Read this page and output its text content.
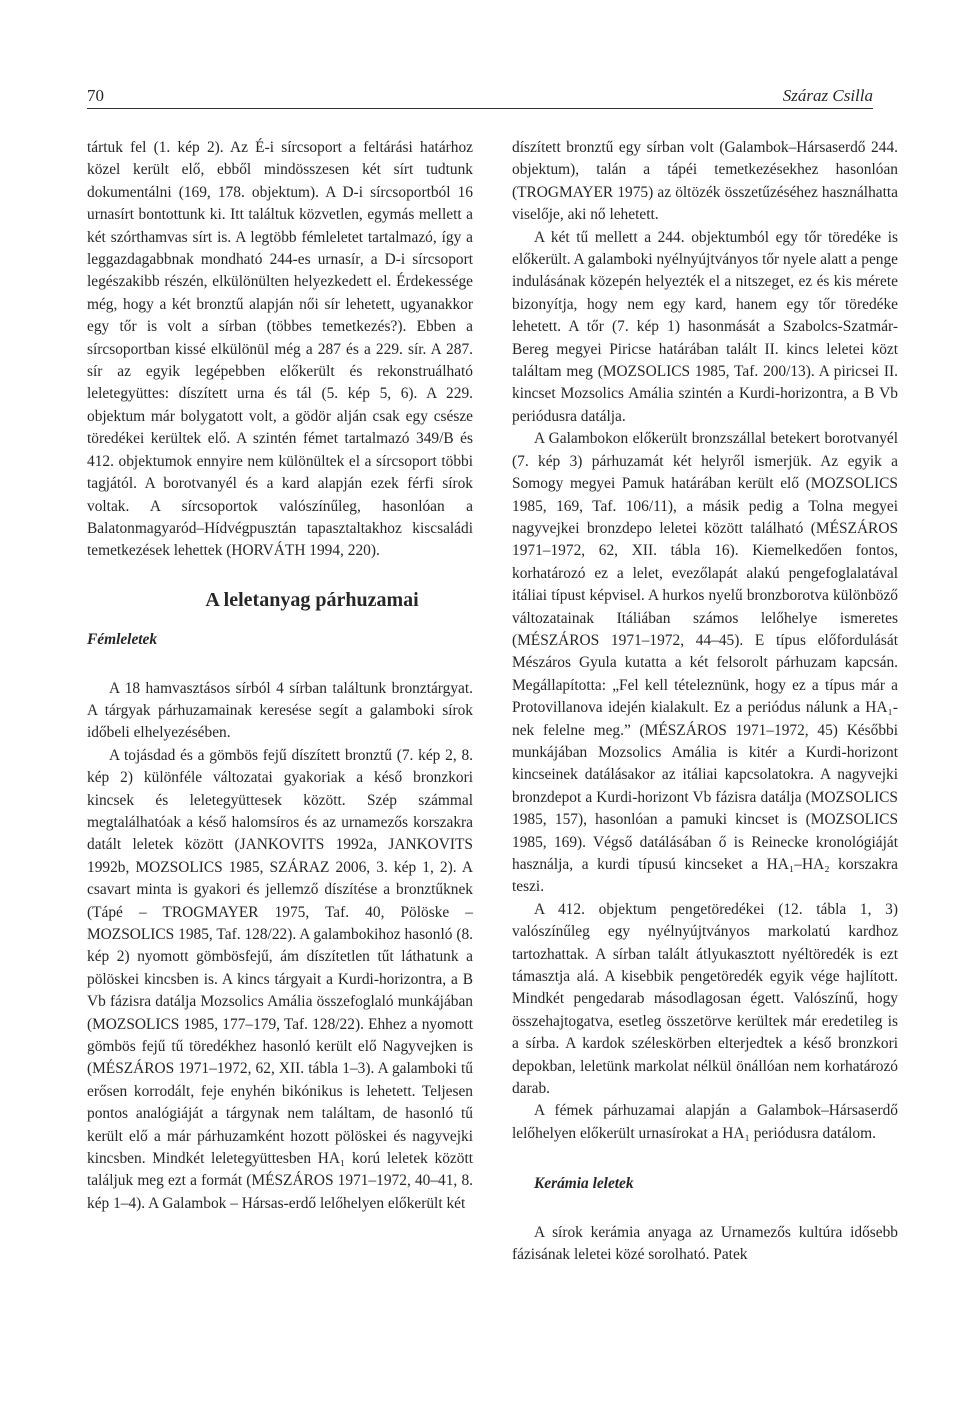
70	Száraz Csilla

tártuk fel (1. kép 2). Az É-i sírcsoport a feltárási határhoz közel került elő, ebből mindösszesen két sírt tudtunk dokumentálni (169, 178. objektum). A D-i sírcsoportból 16 urnasírt bontottunk ki. Itt találtuk közvetlen, egymás mellett a két szórthamvas sírt is. A legtöbb fémleletet tartalmazó, így a leggazdagabbnak mondható 244-es urnasír, a D-i sírcsoport legészakibb részén, elkülönülten helyezkedett el. Érdekessége még, hogy a két bronztű alapján női sír lehetett, ugyanakkor egy tőr is volt a sírban (többes temetkezés?). Ebben a sírcsoportban kissé elkülönül még a 287 és a 229. sír. A 287. sír az egyik legépebben előkerült és rekonstruálható leletegyüttes: díszített urna és tál (5. kép 5, 6). A 229. objektum már bolygatott volt, a gödör alján csak egy csésze töredékei kerültek elő. A szintén fémet tartalmazó 349/B és 412. objektumok ennyire nem különültek el a sírcsoport többi tagjától. A borotvanyél és a kard alapján ezek férfi sírok voltak. A sírcsoportok valószínűleg, hasonlóan a Balatonmagyaród–Hídvégpusztán tapasztaltakhoz kiscsaládi temetkezések lehettek (HORVÁTH 1994, 220).

A leletanyag párhuzamai
Fémleletek

A 18 hamvasztásos sírból 4 sírban találtunk bronztárgyat. A tárgyak párhuzamainak keresése segít a galamboki sírok időbeli elhelyezésében.

A tojásdad és a gömbös fejű díszített bronztű (7. kép 2, 8. kép 2) különféle változatai gyakoriak a késő bronzkori kincsek és leletegyüttesek között. Szép számmal megtalálhatóak a késő halomsíros és az urnamezős korszakra datált leletek között (JANKOVITS 1992a, JANKOVITS 1992b, MOZSOLICS 1985, SZÁRAZ 2006, 3. kép 1, 2). A csavart minta is gyakori és jellemző díszítése a bronztűknek (Tápé – TROGMAYER 1975, Taf. 40, Pölöske – MOZSOLICS 1985, Taf. 128/22). A galambokihoz hasonló (8. kép 2) nyomott gömbösfejű, ám díszítetlen tűt láthatunk a pölöskei kincsben is. A kincs tárgyait a Kurdi-horizontra, a B Vb fázisra datálja Mozsolics Amália összefoglaló munkájában (MOZSOLICS 1985, 177–179, Taf. 128/22). Ehhez a nyomott gömbös fejű tű töredékhez hasonló került elő Nagyvejken is (MÉSZÁROS 1971–1972, 62, XII. tábla 1–3). A galamboki tű erősen korrodált, feje enyhén bikónikus is lehetett. Teljesen pontos analógiáját a tárgynak nem találtam, de hasonló tű került elő a már párhuzamként hozott pölöskei és nagyvejki kincsben. Mindkét leletegyüttesben HA₁ korú leletek között találjuk meg ezt a formát (MÉSZÁROS 1971–1972, 40–41, 8. kép 1–4). A Galambok – Hársas-erdő lelőhelyen előkerült két

díszített bronztű egy sírban volt (Galambok–Hársaserdő 244. objektum), talán a tápéi temetkezésekhez hasonlóan (TROGMAYER 1975) az öltözék összetűzéséhez használhatta viselője, aki nő lehetett.

A két tű mellett a 244. objektumból egy tőr töredéke is előkerült. A galamboki nyélnyújtványos tőr nyele alatt a penge indulásának közepén helyezték el a nitszeget, ez és kis mérete bizonyítja, hogy nem egy kard, hanem egy tőr töredéke lehetett. A tőr (7. kép 1) hasonmását a Szabolcs-Szatmár-Bereg megyei Piricse határában talált II. kincs leletei közt találtam meg (MOZSOLICS 1985, Taf. 200/13). A piricsei II. kincset Mozsolics Amália szintén a Kurdi-horizontra, a B Vb periódusra datálja.

A Galambokon előkerült bronzszállal betekert borotvanyél (7. kép 3) párhuzamát két helyről ismerjük. Az egyik a Somogy megyei Pamuk határában került elő (MOZSOLICS 1985, 169, Taf. 106/11), a másik pedig a Tolna megyei nagyvejkei bronzdepo leletei között található (MÉSZÁROS 1971–1972, 62, XII. tábla 16). Kiemelkedően fontos, korhatározó ez a lelet, evezőlapát alakú pengefoglalatával itáliai típust képvisel. A hurkos nyelű bronzborotva különböző változatainak Itáliában számos lelőhelye ismeretes (MÉSZÁROS 1971–1972, 44–45). E típus előfordulását Mészáros Gyula kutatta a két felsorolt párhuzam kapcsán. Megállapította: „Fel kell tételeznünk, hogy ez a típus már a Protovillanova idején kialakult. Ez a periódus nálunk a HA₁-nek felelne meg.” (MÉSZÁROS 1971–1972, 45) Későbbi munkájában Mozsolics Amália is kitér a Kurdi-horizont kincseinek datálásakor az itáliai kapcsolatokra. A nagyvejki bronzdepot a Kurdi-horizont Vb fázisra datálja (MOZSOLICS 1985, 157), hasonlóan a pamuki kincset is (MOZSOLICS 1985, 169). Végső datálásában ő is Reinecke kronológiáját használja, a kurdi típusú kincseket a HA₁–HA₂ korszakra teszi.

A 412. objektum pengetöredékei (12. tábla 1, 3) valószínűleg egy nyélnyújtványos markolatú kardhoz tartozhattak. A sírban talált átlyukasztott nyéltöredék is ezt támasztja alá. A kisebbik pengetöredék egyik vége hajlított. Mindkét pengedarab másodlagosan égett. Valószínű, hogy összehajtogatva, esetleg összetörve kerültek már eredetileg is a sírba. A kardok széleskörben elterjedtek a késő bronzkori depokban, leletünk markolat nélkül önállóan nem korhatározó darab.

A fémek párhuzamai alapján a Galambok–Hársaserdő lelőhelyen előkerült urnasírokat a HA₁ periódusra datálom.

Kerámia leletek

A sírok kerámia anyaga az Urnamezős kultúra idősebb fázisának leletei közé sorolható. Patek
